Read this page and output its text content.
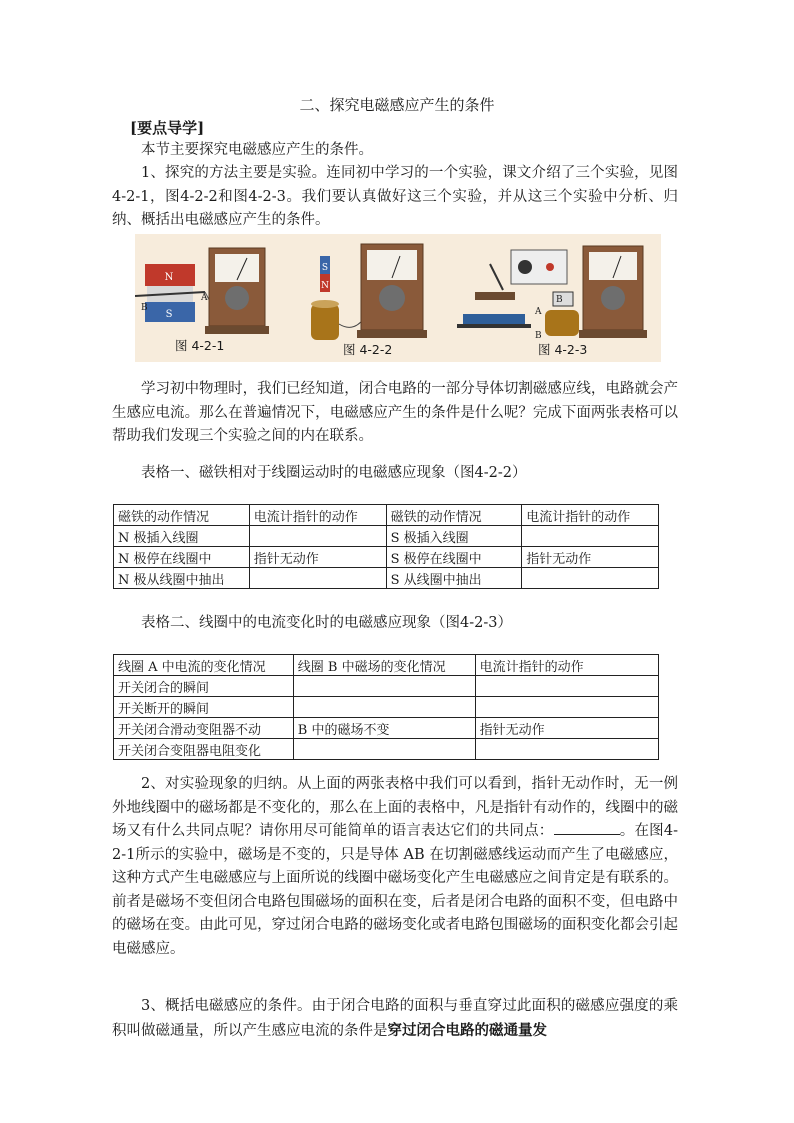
二、探究电磁感应产生的条件
[要点导学]

本节主要探究电磁感应产生的条件。

1、探究的方法主要是实验。连同初中学习的一个实验，课文介绍了三个实验，见图4-2-1，图4-2-2和图4-2-3。我们要认真做好这三个实验，并从这三个实验中分析、归纳、概括出电磁感应产生的条件。

N
S
S
N
A
B
B
A
B
图 4-2-1	图 4-2-2	图 4-2-3

学习初中物理时，我们已经知道，闭合电路的一部分导体切割磁感应线，电路就会产生感应电流。那么在普遍情况下，电磁感应产生的条件是什么呢？完成下面两张表格可以帮助我们发现三个实验之间的内在联系。

表格一、磁铁相对于线圈运动时的电磁感应现象（图4-2-2）

磁铁的动作情况	电流计指针的动作	磁铁的动作情况	电流计指针的动作
N 极插入线圈		S 极插入线圈	
N 极停在线圈中	指针无动作	S 极停在线圈中	指针无动作
N 极从线圈中抽出		S 从线圈中抽出	

表格二、线圈中的电流变化时的电磁感应现象（图4-2-3）

线圈 A 中电流的变化情况	线圈 B 中磁场的变化情况	电流计指针的动作
开关闭合的瞬间		
开关断开的瞬间		
开关闭合滑动变阻器不动	B 中的磁场不变	指针无动作
开关闭合变阻器电阻变化		

2、对实验现象的归纳。从上面的两张表格中我们可以看到，指针无动作时，无一例外地线圈中的磁场都是不变化的，那么在上面的表格中，凡是指针有动作的，线圈中的磁场又有什么共同点呢？请你用尽可能简单的语言表达它们的共同点：	。在图4-2-1所示的实验中，磁场是不变的，只是导体 AB 在切割磁感线运动而产生了电磁感应，这种方式产生电磁感应与上面所说的线圈中磁场变化产生电磁感应之间肯定是有联系的。前者是磁场不变但闭合电路包围磁场的面积在变，后者是闭合电路的面积不变，但电路中的磁场在变。由此可见，穿过闭合电路的磁场变化或者电路包围磁场的面积变化都会引起电磁感应。

3、概括电磁感应的条件。由于闭合电路的面积与垂直穿过此面积的磁感应强度的乘积叫做磁通量，所以产生感应电流的条件是穿过闭合电路的磁通量发
